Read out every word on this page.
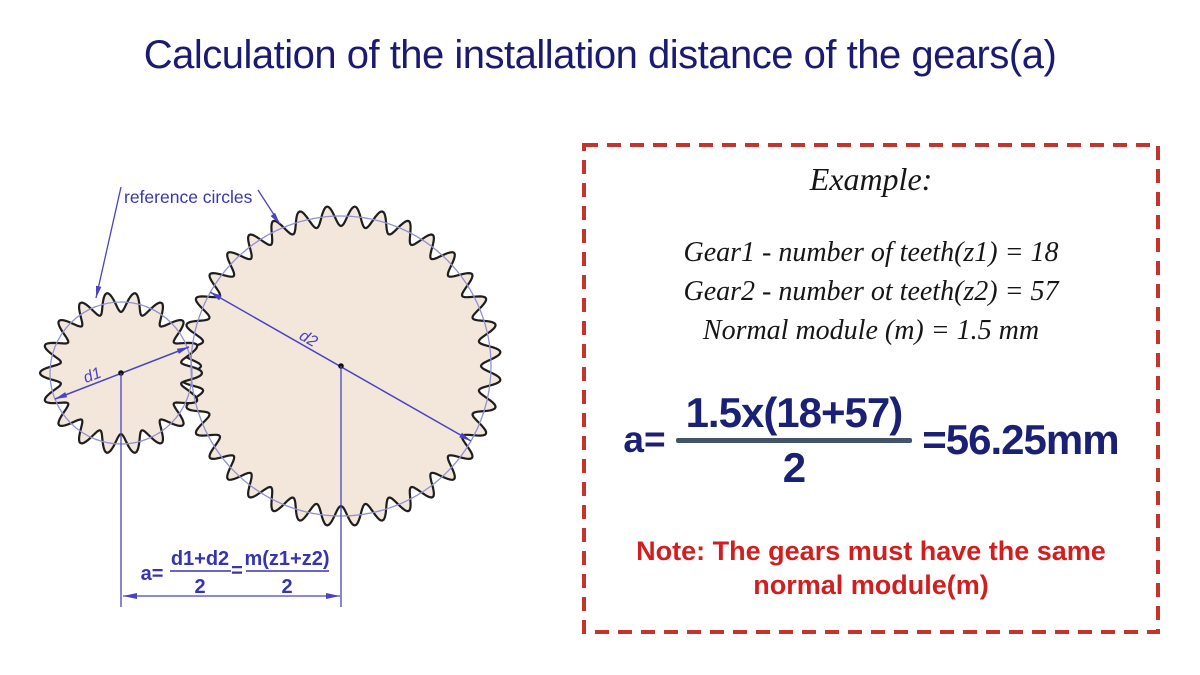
Calculation of the installation distance of the gears(a)
reference circles
d1
d2
a=
d1+d2
2
=
m(z1+z2)
2
Example:
Gear1 - number of teeth(z1) = 18
Gear2 - number ot teeth(z2) = 57
Normal module (m) = 1.5 mm
a=
1.5x(18+57)
2
=56.25mm
Note: The gears must have the same
normal module(m)
